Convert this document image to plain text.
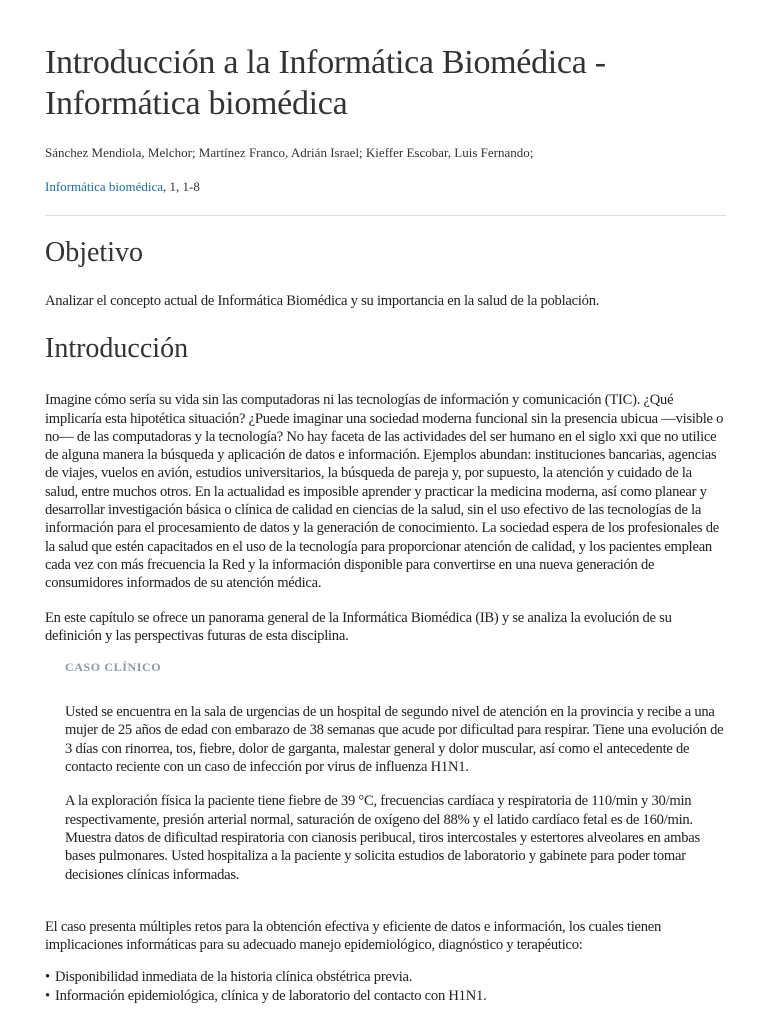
Introducción a la Informática Biomédica -
Informática biomédica

Sánchez Mendiola, Melchor; Martínez Franco, Adrián Israel; Kieffer Escobar, Luis Fernando;

Informática biomédica, 1, 1-8

Objetivo

Analizar el concepto actual de Informática Biomédica y su importancia en la salud de la población.

Introducción

Imagine cómo sería su vida sin las computadoras ni las tecnologías de información y comunicación (TIC). ¿Qué implicaría esta hipotética situación? ¿Puede imaginar una sociedad moderna funcional sin la presencia ubicua —visible o no— de las computadoras y la tecnología? No hay faceta de las actividades del ser humano en el siglo xxi que no utilice de alguna manera la búsqueda y aplicación de datos e información. Ejemplos abundan: instituciones bancarias, agencias de viajes, vuelos en avión, estudios universitarios, la búsqueda de pareja y, por supuesto, la atención y cuidado de la salud, entre muchos otros. En la actualidad es imposible aprender y practicar la medicina moderna, así como planear y desarrollar investigación básica o clínica de calidad en ciencias de la salud, sin el uso efectivo de las tecnologías de la información para el procesamiento de datos y la generación de conocimiento. La sociedad espera de los profesionales de la salud que estén capacitados en el uso de la tecnología para proporcionar atención de calidad, y los pacientes emplean cada vez con más frecuencia la Red y la información disponible para convertirse en una nueva generación de consumidores informados de su atención médica.

En este capítulo se ofrece un panorama general de la Informática Biomédica (IB) y se analiza la evolución de su definición y las perspectivas futuras de esta disciplina.

CASO CLÍNICO

Usted se encuentra en la sala de urgencias de un hospital de segundo nivel de atención en la provincia y recibe a una mujer de 25 años de edad con embarazo de 38 semanas que acude por dificultad para respirar. Tiene una evolución de 3 días con rinorrea, tos, fiebre, dolor de garganta, malestar general y dolor muscular, así como el antecedente de contacto reciente con un caso de infección por virus de influenza H1N1.

A la exploración física la paciente tiene fiebre de 39 °C, frecuencias cardíaca y respiratoria de 110/min y 30/min respectivamente, presión arterial normal, saturación de oxígeno del 88% y el latido cardíaco fetal es de 160/min. Muestra datos de dificultad respiratoria con cianosis peribucal, tiros intercostales y estertores alveolares en ambas bases pulmonares. Usted hospitaliza a la paciente y solicita estudios de laboratorio y gabinete para poder tomar decisiones clínicas informadas.

El caso presenta múltiples retos para la obtención efectiva y eficiente de datos e información, los cuales tienen implicaciones informáticas para su adecuado manejo epidemiológico, diagnóstico y terapéutico:

• Disponibilidad inmediata de la historia clínica obstétrica previa.
• Información epidemiológica, clínica y de laboratorio del contacto con H1N1.
